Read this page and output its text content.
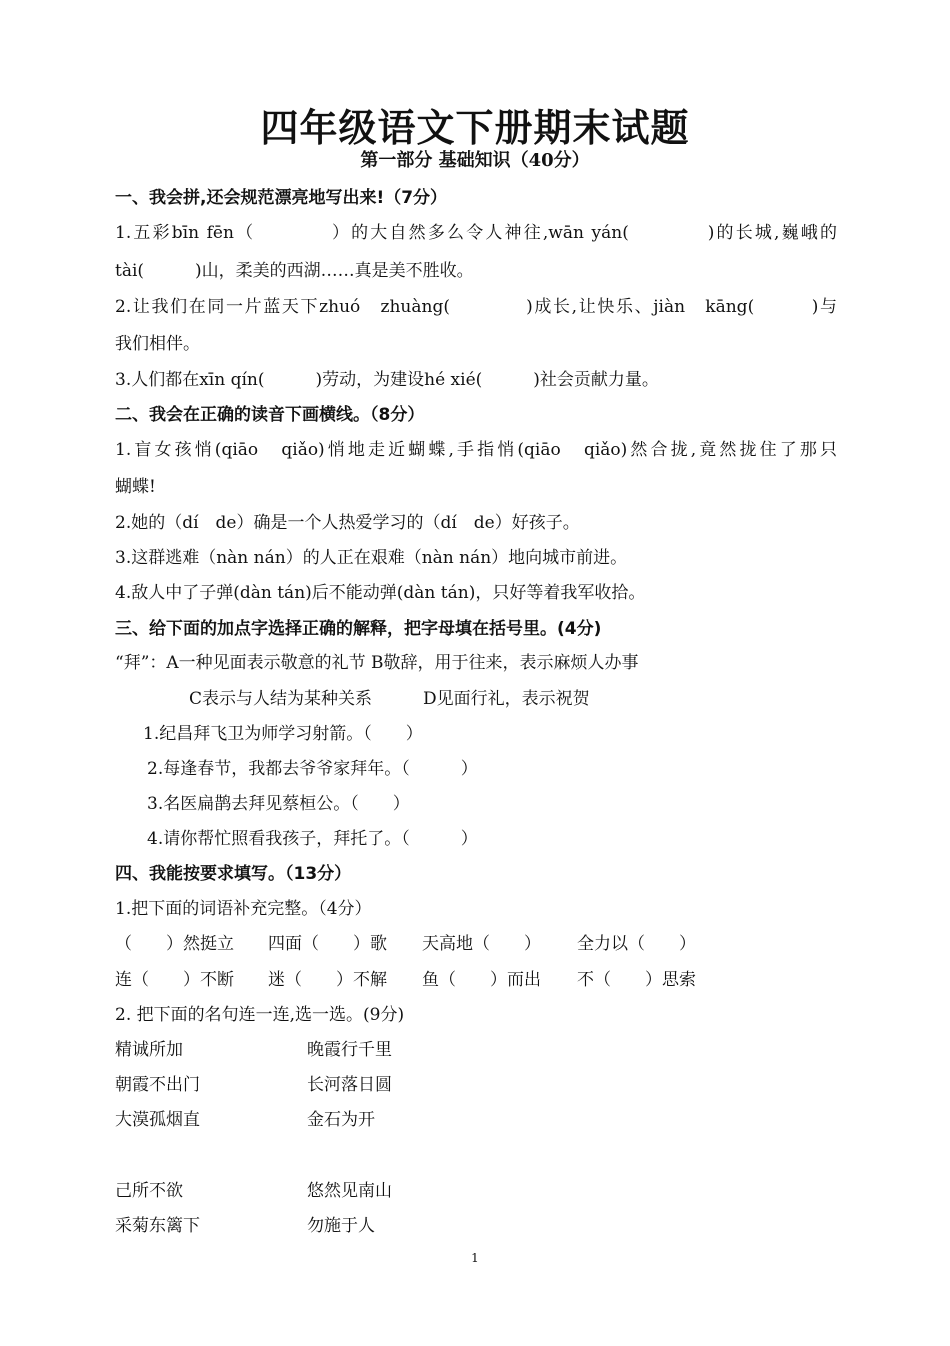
四年级语文下册期末试题
第一部分 基础知识（40分）
一、我会拼,还会规范漂亮地写出来!（7分）
1.五彩bīn fēn（　　　　）的大自然多么令人神往,wān yán(　　　　)的长城,巍峨的
tài(　　　)山，柔美的西湖……真是美不胜收。
2.让我们在同一片蓝天下zhuó　zhuàng(　　　　)成长,让快乐、jiàn　kāng(　　　)与
我们相伴。
3.人们都在xīn qín(　　　)劳动，为建设hé xié(　　　)社会贡献力量。
二、我会在正确的读音下画横线。（8分）
1.盲女孩悄(qiāo　qiǎo)悄地走近蝴蝶,手指悄(qiāo　qiǎo)然合拢,竟然拢住了那只
蝴蝶!
2.她的（dí　de）确是一个人热爱学习的（dí　de）好孩子。
3.这群逃难（nàn nán）的人正在艰难（nàn nán）地向城市前进。
4.敌人中了子弹(dàn tán)后不能动弹(dàn tán)，只好等着我军收拾。
三、给下面的加点字选择正确的解释，把字母填在括号里。(4分)
“拜”：A一种见面表示敬意的礼节 B敬辞，用于往来，表示麻烦人办事
C表示与人结为某种关系　　　D见面行礼，表示祝贺
1.纪昌拜飞卫为师学习射箭。（　　）
2.每逢春节，我都去爷爷家拜年。（　　　）
3.名医扁鹊去拜见蔡桓公。（　　）
4.请你帮忙照看我孩子，拜托了。（　　　）
四、我能按要求填写。（13分）
1.把下面的词语补充完整。（4分）
（　　）然挺立 四面（　　）歌 天高地（　　） 全力以（　　）
连（　　）不断 迷（　　）不解 鱼（　　）而出 不（　　）思索
2. 把下面的名句连一连,选一选。(9分)
精诚所加	晚霞行千里
朝霞不出门	长河落日圆
大漠孤烟直	金石为开
己所不欲	悠然见南山
采菊东篱下	勿施于人
1
